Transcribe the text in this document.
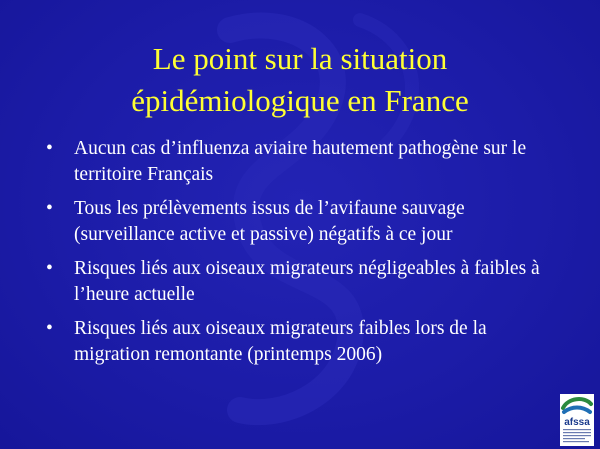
Le point sur la situation
épidémiologique en France
• Aucun cas d’influenza aviaire hautement pathogène sur le territoire Français
• Tous les prélèvements issus de l’avifaune sauvage (surveillance active et passive) négatifs à ce jour
• Risques liés aux oiseaux migrateurs négligeables à faibles à l’heure actuelle
• Risques liés aux oiseaux migrateurs faibles lors de la migration remontante (printemps 2006)
afssa
